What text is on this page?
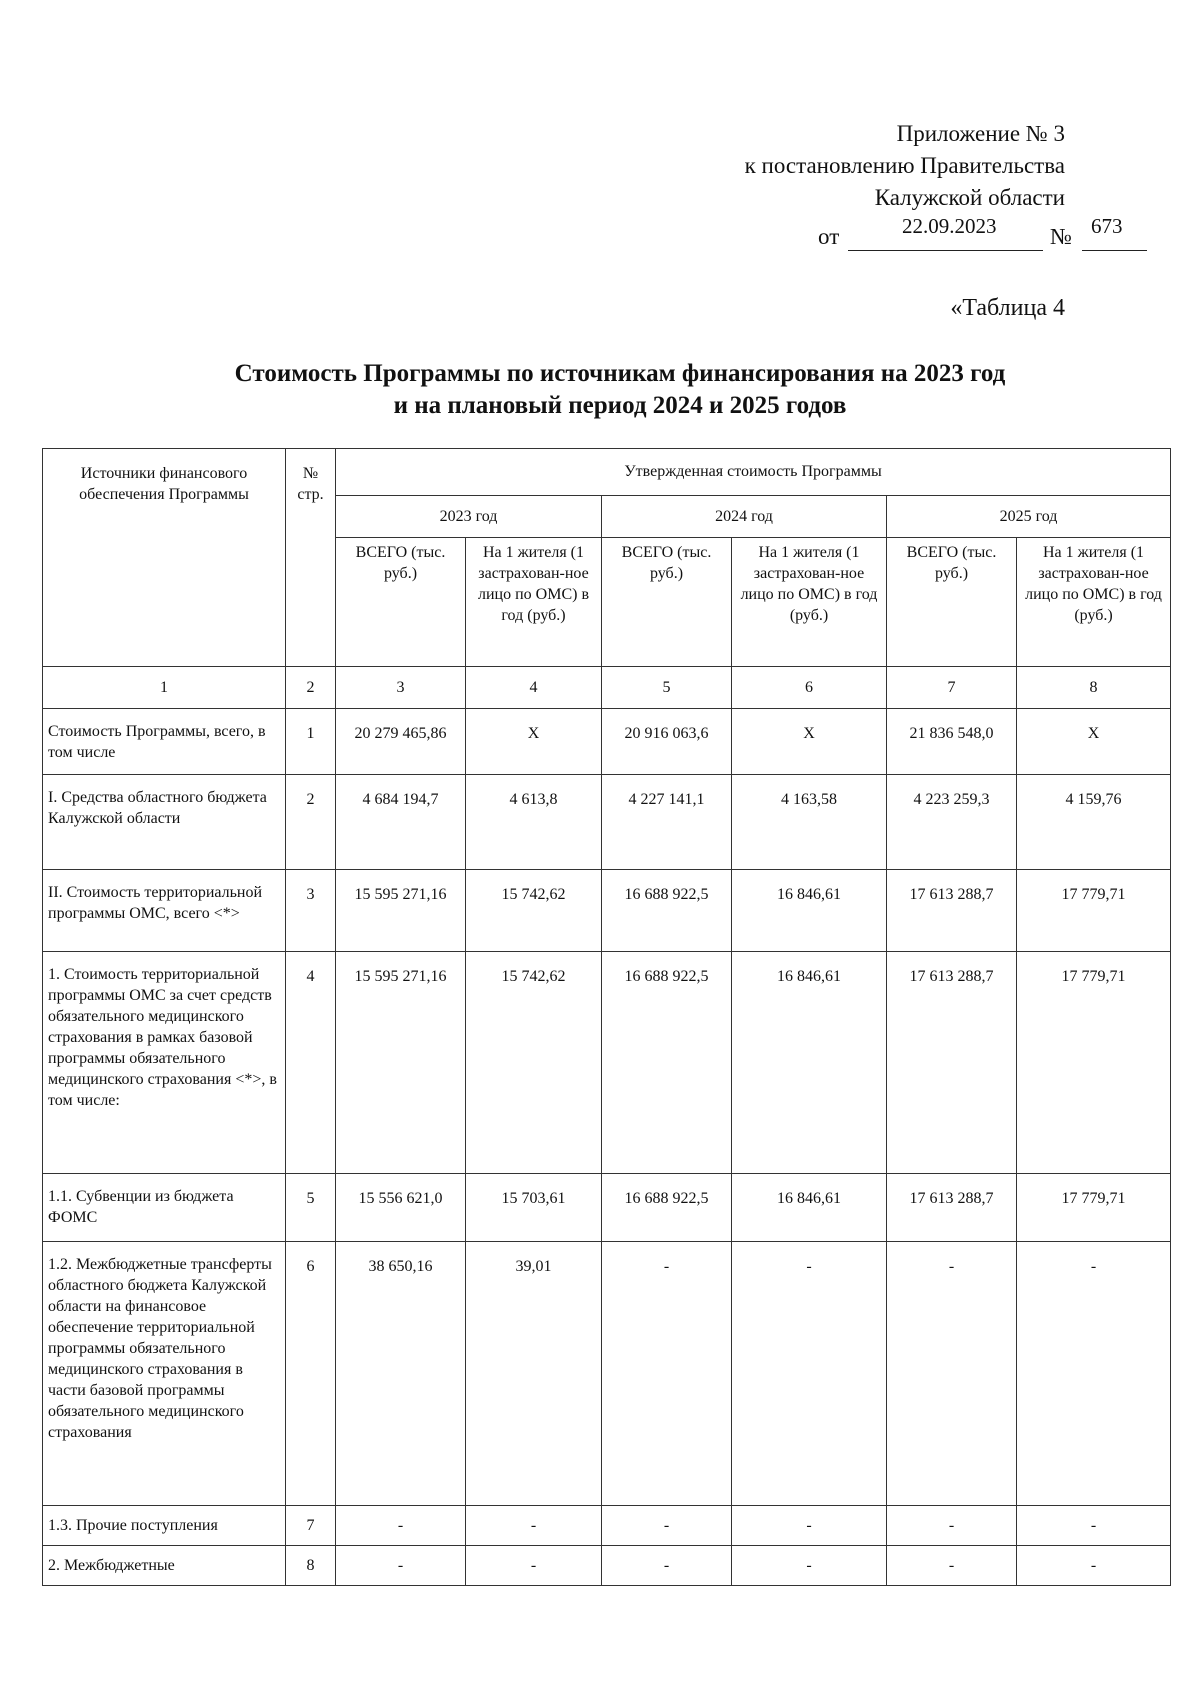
Приложение № 3
к постановлению Правительства
Калужской области
от	22.09.2023 № 673
«Таблица 4
Стоимость Программы по источникам финансирования на 2023 год
и на плановый период 2024 и 2025 годов
Источники финансового обеспечения Программы	№ стр.	Утвержденная стоимость Программы					
		2023 год		2024 год		2025 год	
		ВСЕГО (тыс. руб.)	На 1 жителя (1 застрахован-ное лицо по ОМС) в год (руб.)	ВСЕГО (тыс. руб.)	На 1 жителя (1 застрахован-ное лицо по ОМС) в год (руб.)	ВСЕГО (тыс. руб.)	На 1 жителя (1 застрахован-ное лицо по ОМС) в год (руб.)
1	2	3	4	5	6	7	8
Стоимость Программы, всего, в том числе	1	20 279 465,86	Х	20 916 063,6	Х	21 836 548,0	Х
I. Средства областного бюджета Калужской области	2	4 684 194,7	4 613,8	4 227 141,1	4 163,58	4 223 259,3	4 159,76
II. Стоимость территориальной программы ОМС, всего <*>	3	15 595 271,16	15 742,62	16 688 922,5	16 846,61	17 613 288,7	17 779,71
1. Стоимость территориальной программы ОМС за счет средств обязательного медицинского страхования в рамках базовой программы обязательного медицинского страхования <*>, в том числе:	4	15 595 271,16	15 742,62	16 688 922,5	16 846,61	17 613 288,7	17 779,71
1.1. Субвенции из бюджета ФОМС	5	15 556 621,0	15 703,61	16 688 922,5	16 846,61	17 613 288,7	17 779,71
1.2. Межбюджетные трансферты областного бюджета Калужской области на финансовое обеспечение территориальной программы обязательного медицинского страхования в части базовой программы обязательного медицинского страхования	6	38 650,16	39,01	-	-	-	-
1.3. Прочие поступления	7	-	-	-	-	-	-
2. Межбюджетные	8	-	-	-	-	-	-
